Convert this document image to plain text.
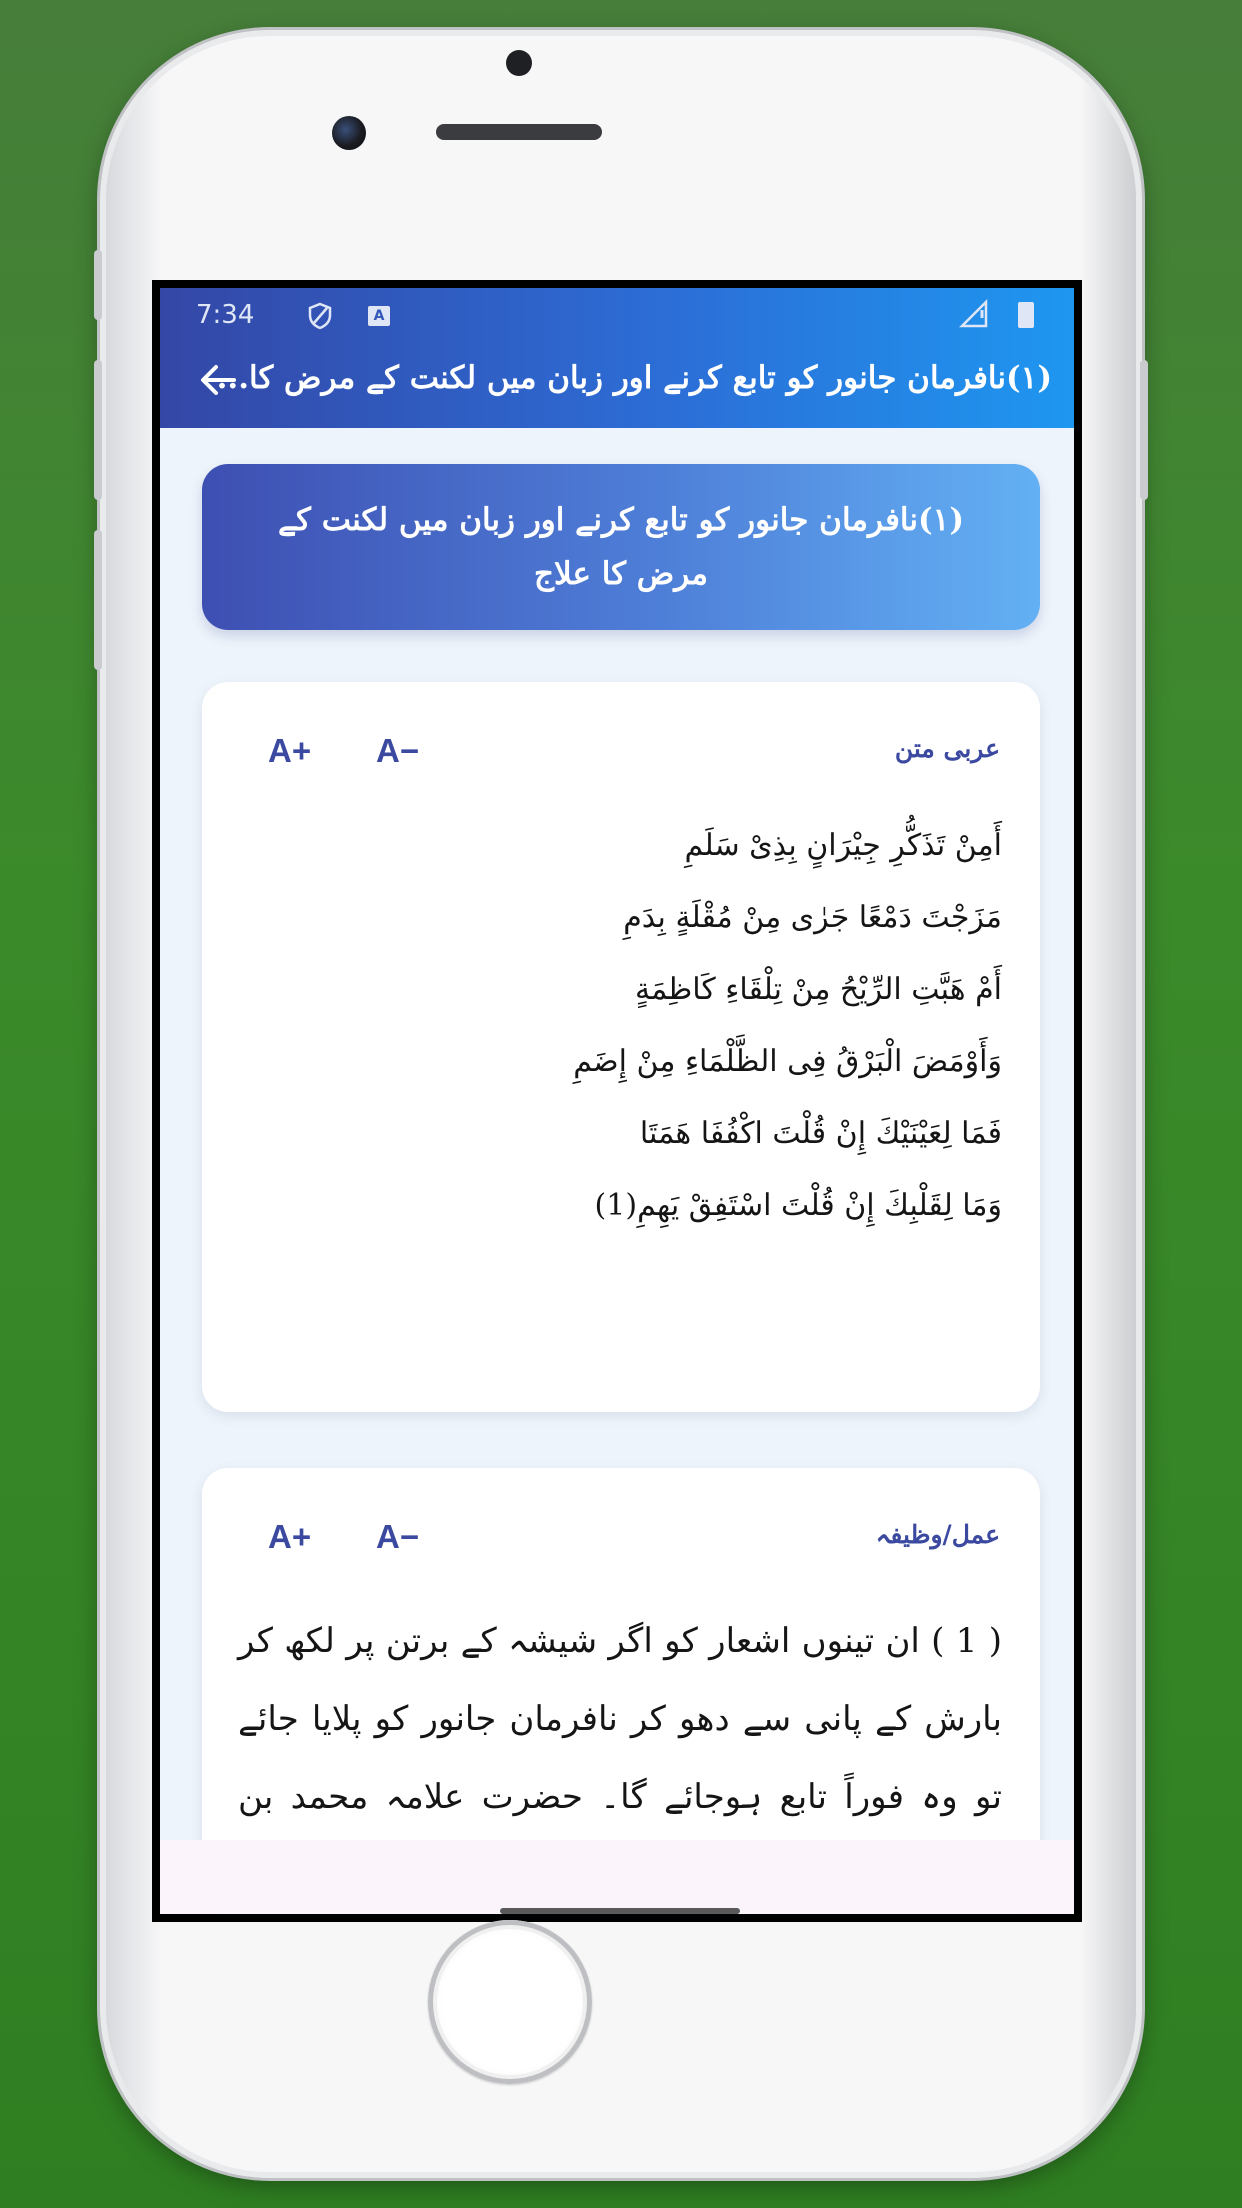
7:34	A
(۱)نافرمان جانور کو تابع کرنے اور زبان میں لکنت کے مرض کا...
(۱)نافرمان جانور کو تابع کرنے اور زبان میں لکنت کے مرض کا علاج
A+ A−	عربی متن
أَمِنْ تَذَكُّرِ جِيْرَانٍ بِذِىْ سَلَمِ
مَزَجْتَ دَمْعًا جَرٰى مِنْ مُقْلَةٍ بِدَمِ
أَمْ هَبَّتِ الرِّيْحُ مِنْ تِلْقَاءِ كَاظِمَةٍ
وَأَوْمَضَ الْبَرْقُ فِى الظَّلْمَاءِ مِنْ إِضَمِ
فَمَا لِعَيْنَيْكَ إِنْ قُلْتَ اكْفُفَا هَمَتَا
وَمَا لِقَلْبِكَ إِنْ قُلْتَ اسْتَفِقْ يَهِمِ(1)
A+ A−	عمل/وظیفہ
( 1 ) ان تینوں اشعار کو اگر شیشہ کے برتن پر لکھ کر بارش کے پانی سے دھو کر نافرمان جانور کو پلایا جائے تو وہ فوراً تابع ہوجائے گا۔ حضرت علامہ محمد بن
